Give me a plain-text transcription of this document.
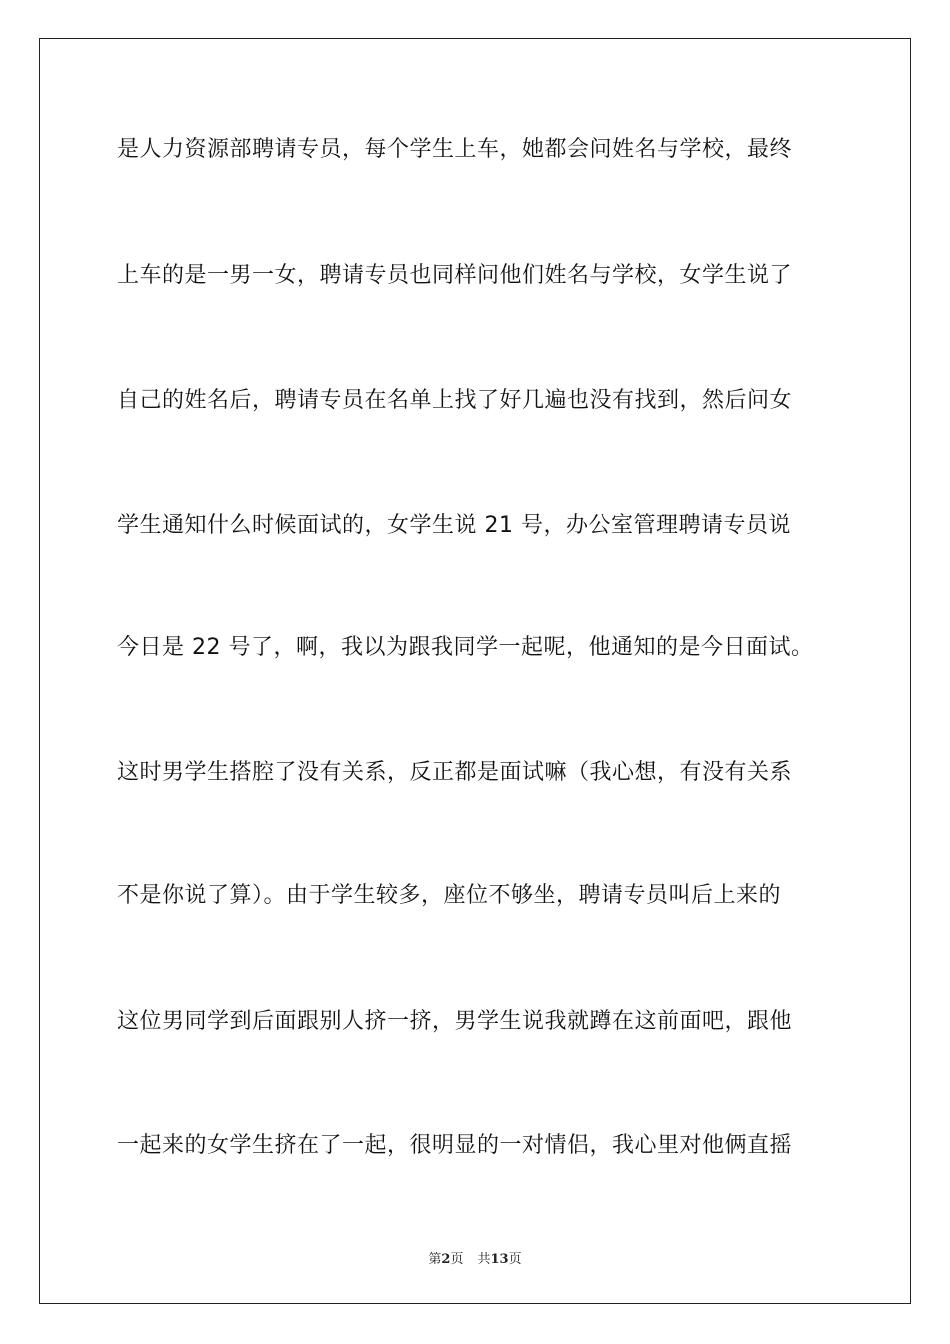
是人力资源部聘请专员，每个学生上车，她都会问姓名与学校，最终
上车的是一男一女，聘请专员也同样问他们姓名与学校，女学生说了
自己的姓名后，聘请专员在名单上找了好几遍也没有找到，然后问女
学生通知什么时候面试的，女学生说 21 号，办公室管理聘请专员说
今日是 22 号了，啊，我以为跟我同学一起呢，他通知的是今日面试。
这时男学生搭腔了没有关系，反正都是面试嘛（我心想，有没有关系
不是你说了算）。由于学生较多，座位不够坐，聘请专员叫后上来的
这位男同学到后面跟别人挤一挤，男学生说我就蹲在这前面吧，跟他
一起来的女学生挤在了一起，很明显的一对情侣，我心里对他俩直摇
第2页 共13页
